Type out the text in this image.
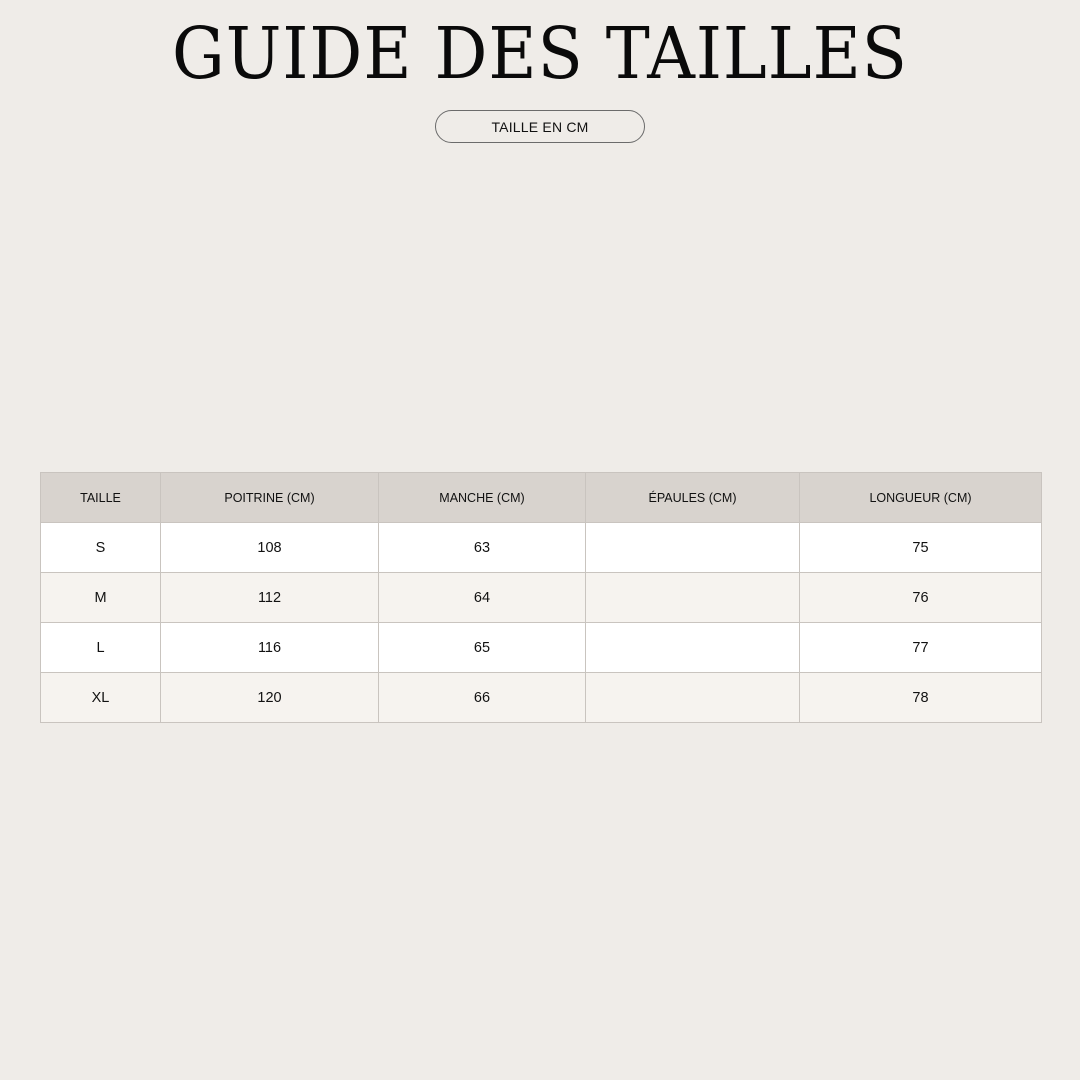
GUIDE DES TAILLES
TAILLE EN CM
TAILLE	POITRINE (CM)	MANCHE (CM)	ÉPAULES (CM)	LONGUEUR (CM)
S	108	63		75
M	112	64		76
L	116	65		77
XL	120	66		78
